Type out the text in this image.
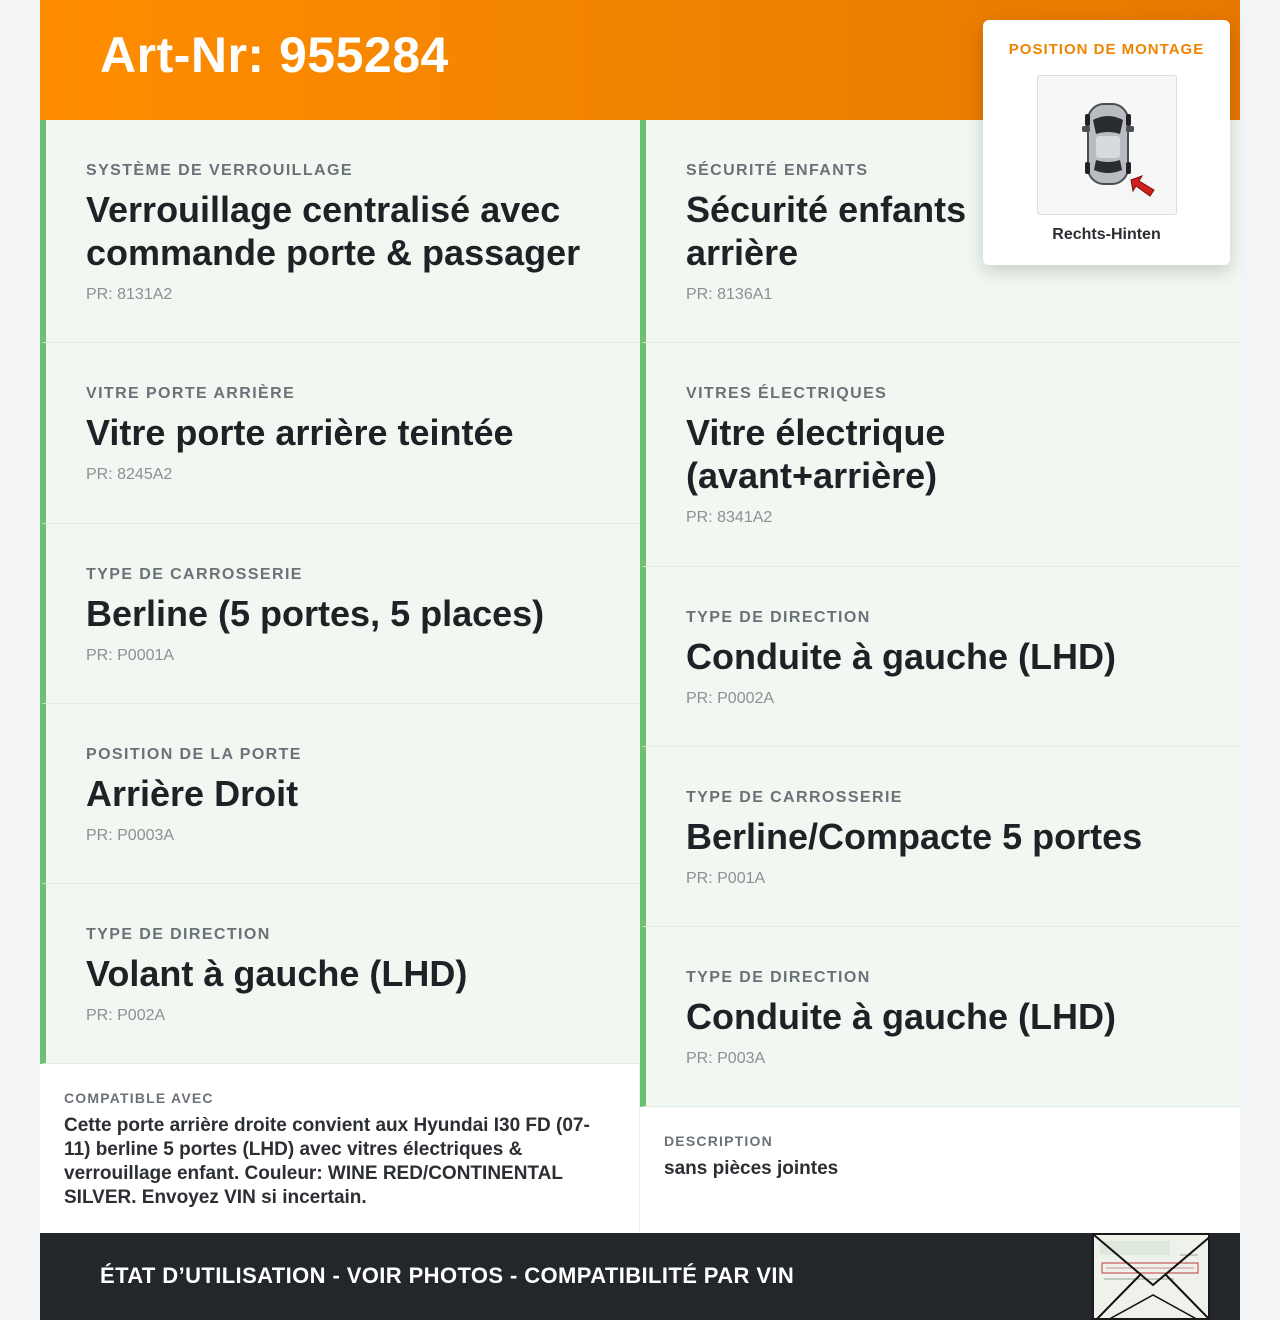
Art-Nr: 955284
SYSTÈME DE VERROUILLAGE
Verrouillage centralisé avec commande porte & passager
PR: 8131A2
VITRE PORTE ARRIÈRE
Vitre porte arrière teintée
PR: 8245A2
TYPE DE CARROSSERIE
Berline (5 portes, 5 places)
PR: P0001A
POSITION DE LA PORTE
Arrière Droit
PR: P0003A
TYPE DE DIRECTION
Volant à gauche (LHD)
PR: P002A
COMPATIBLE AVEC
Cette porte arrière droite convient aux Hyundai I30 FD (07-11) berline 5 portes (LHD) avec vitres électriques & verrouillage enfant. Couleur: WINE RED/CONTINENTAL SILVER. Envoyez VIN si incertain.
SÉCURITÉ ENFANTS
Sécurité enfants arrière
PR: 8136A1
VITRES ÉLECTRIQUES
Vitre électrique (avant+arrière)
PR: 8341A2
TYPE DE DIRECTION
Conduite à gauche (LHD)
PR: P0002A
TYPE DE CARROSSERIE
Berline/Compacte 5 portes
PR: P001A
TYPE DE DIRECTION
Conduite à gauche (LHD)
PR: P003A
DESCRIPTION
sans pièces jointes
ÉTAT D’UTILISATION - VOIR PHOTOS - COMPATIBILITÉ PAR VIN
POSITION DE MONTAGE
Rechts-Hinten
